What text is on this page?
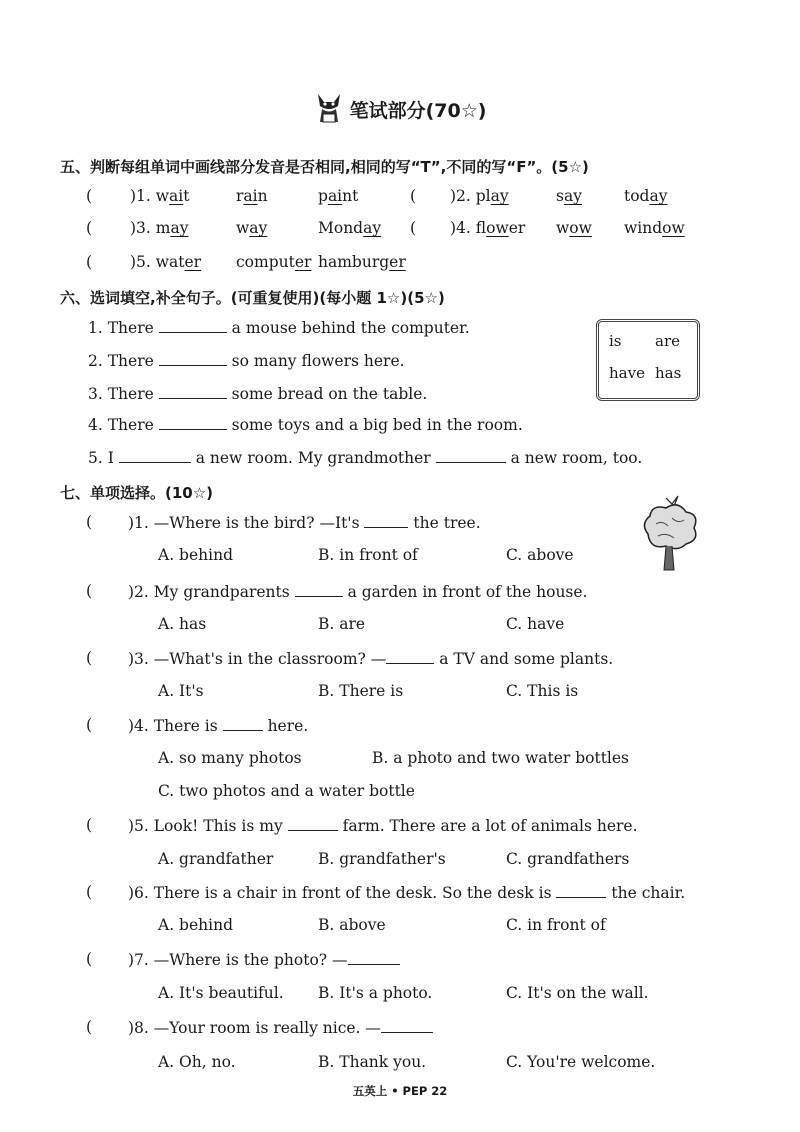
笔试部分(70☆)
五、判断每组单词中画线部分发音是否相同,相同的写“T”,不同的写“F”。(5☆)
( )1. wait	rain	paint	( )2. play	say	today
( )3. may	way	Monday ( )4. flower wow window
( )5. water computer hamburger
六、选词填空,补全句子。(可重复使用)(每小题 1☆)(5☆)
1. There	a mouse behind the computer.
2. There	so many flowers here.
3. There	some bread on the table.
4. There	some toys and a big bed in the room.
5. I	a new room. My grandmother	a new room, too.
is are
have has
七、单项选择。(10☆)
( )1. —Where is the bird? —It's	the tree.
A. behind	B. in front of	C. above
( )2. My grandparents	a garden in front of the house.
A. has	B. are	C. have
( )3. —What's in the classroom? —	a TV and some plants.
A. It's	B. There is	C. This is
( )4. There is	here.
A. so many photos	B. a photo and two water bottles
C. two photos and a water bottle
( )5. Look! This is my	farm. There are a lot of animals here.
A. grandfather	B. grandfather's	C. grandfathers
( )6. There is a chair in front of the desk. So the desk is	the chair.
A. behind	B. above	C. in front of
( )7. —Where is the photo? —
A. It's beautiful. B. It's a photo.	C. It's on the wall.
( )8. —Your room is really nice. —
A. Oh, no.	B. Thank you.	C. You're welcome.
五英上 • PEP 22
